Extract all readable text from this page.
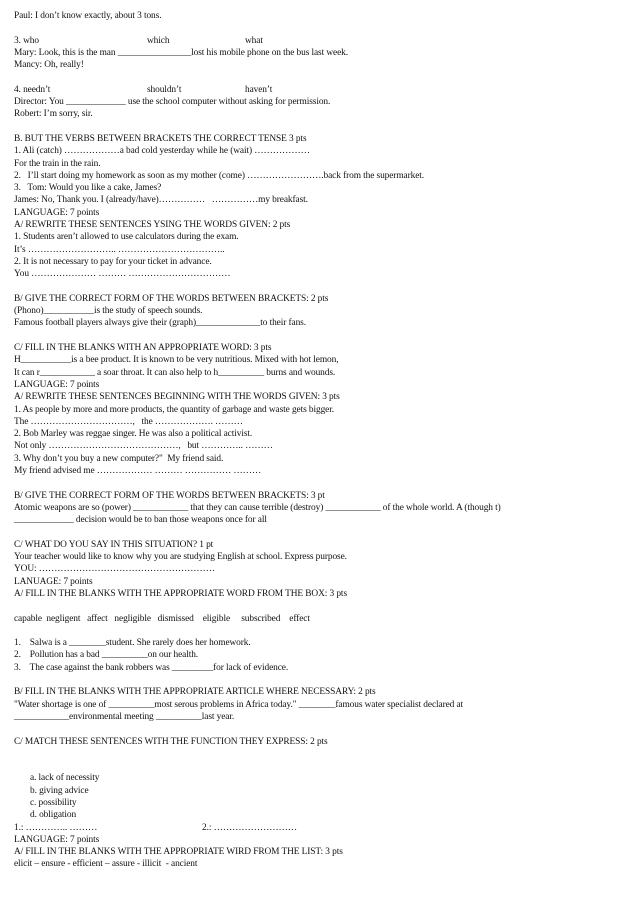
Paul: I don’t know exactly, about 3 tons.
3. who	which	what
Mary: Look, this is the man ________________lost his mobile phone on the bus last week.
Mancy: Oh, really!
4. needn’t	shouldn’t	haven’t
Director: You _____________ use the school computer without asking for permission.
Robert: I’m sorry, sir.
B. BUT THE VERBS BETWEEN BRACKETS THE CORRECT TENSE 3 pts
1. Ali (catch) ………………a bad cold yesterday while he (wait) ………………
For the train in the rain.
2.   I’ll start doing my homework as soon as my mother (come) …………………….back from the supermarket.
3.   Tom: Would you like a cake, James?
James: No, Thank you. I (already/have)……………   ……………my breakfast.
LANGUAGE: 7 points
A/ REWRITE THESE SENTENCES YSING THE WORDS GIVEN: 2 pts
1. Students aren’t allowed to use calculators during the exam.
It’s ……………………….. ……………………………..
2. It is not necessary to pay for your ticket in advance.
You ………………… ……… ……………………………
B/ GIVE THE CORRECT FORM OF THE WORDS BETWEEN BRACKETS: 2 pts
(Phono)___________is the study of speech sounds.
Famous football players always give their (graph)______________to their fans.
C/ FILL IN THE BLANKS WITH AN APPROPRIATE WORD: 3 pts
H___________is a bee product. It is known to be very nutritious. Mixed with hot lemon,
It can r____________ a soar throat. It can also help to h__________ burns and wounds.
LANGUAGE: 7 points
A/ REWRITE THESE SENTENCES BEGINNING WITH THE WORDS GIVEN: 3 pts
1. As people by more and more products, the quantity of garbage and waste gets bigger.
The ……………………………,   the ………………. ………
2. Bob Marley was reggae singer. He was also a political activist.
Not only ……………………………………,   but ………….. ………
3. Why don’t you buy a new computer?"  My friend said.
My friend advised me ……………… ……… …………… ………
B/ GIVE THE CORRECT FORM OF THE WORDS BETWEEN BRACKETS: 3 pt
Atomic weapons are so (power) ____________ that they can cause terrible (destroy) ____________ of the whole world. A (though t)
_____________ decision would be to ban those weapons once for all
C/ WHAT DO YOU SAY IN THIS SITUATION? 1 pt
Your teacher would like to know why you are studying English at school. Express purpose.
YOU: …………………………………………………
LANUAGE: 7 points
A/ FILL IN THE BLANKS WITH THE APPROPRIATE WORD FROM THE BOX: 3 pts
capable  negligent   affect   negligible   dismissed    eligible     subscribed    effect
1.    Salwa is a ________student. She rarely does her homework.
2.    Pollution has a bad __________on our health.
3.    The case against the bank robbers was _________for lack of evidence.
B/ FILL IN THE BLANKS WITH THE APPROPRIATE ARTICLE WHERE NECESSARY: 2 pts
"Water shortage is one of __________most serous problems in Africa today." ________famous water specialist declared at
____________environmental meeting __________last year.
C/ MATCH THESE SENTENCES WITH THE FUNCTION THEY EXPRESS: 2 pts
a. lack of necessity
b. giving advice
c. possibility
d. obligation
1.: ………….. ………	2.: ………………………
LANGUAGE: 7 points
A/ FILL IN THE BLANKS WITH THE APPROPRIATE WIRD FROM THE LIST: 3 pts
elicit – ensure - efficient – assure - illicit  - ancient
